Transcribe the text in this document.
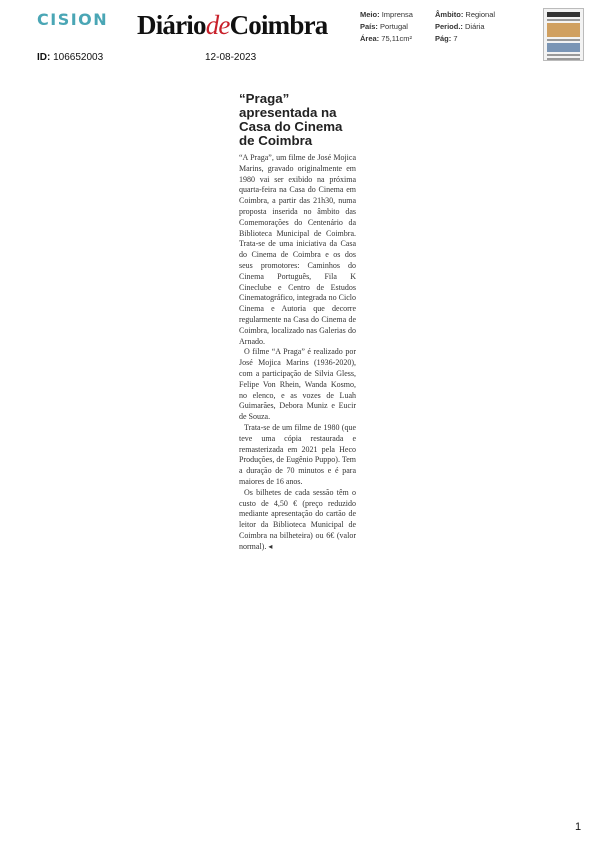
CISION DiáriodeCoimbra	Meio: Imprensa
País: Portugal
Área: 75,11cm²
Âmbito: Regional
Period.: Diária
Pág: 7
ID: 106652003	12-08-2023
“Praga” apresentada na Casa do Cinema de Coimbra

“A Praga”, um filme de José Mojica Marins, gravado originalmente em 1980 vai ser exibido na próxima quarta-feira na Casa do Cinema em Coimbra, a partir das 21h30, numa proposta inserida no âmbito das Comemorações do Centenário da Biblioteca Municipal de Coimbra. Trata-se de uma iniciativa da Casa do Cinema de Coimbra e os dos seus promotores: Caminhos do Cinema Português, Fila K Cineclube e Centro de Estudos Cinematográfico, integrada no Ciclo Cinema e Autoria que decorre regularmente na Casa do Cinema de Coimbra, localizado nas Galerias do Arnado.

O filme “A Praga” é realizado por José Mojica Marins (1936-2020), com a participação de Silvia Gless, Felipe Von Rhein, Wanda Kosmo, no elenco, e as vozes de Luah Guimarães, Debora Muniz e Eucir de Souza.

Trata-se de um filme de 1980 (que teve uma cópia restaurada e remasterizada em 2021 pela Heco Produções, de Eugênio Puppo). Tem a duração de 70 minutos e é para maiores de 16 anos.

Os bilhetes de cada sessão têm o custo de 4,50 € (preço reduzido mediante apresentação do cartão de leitor da Biblioteca Municipal de Coimbra na bilheteira) ou 6€ (valor normal). ◂

1
